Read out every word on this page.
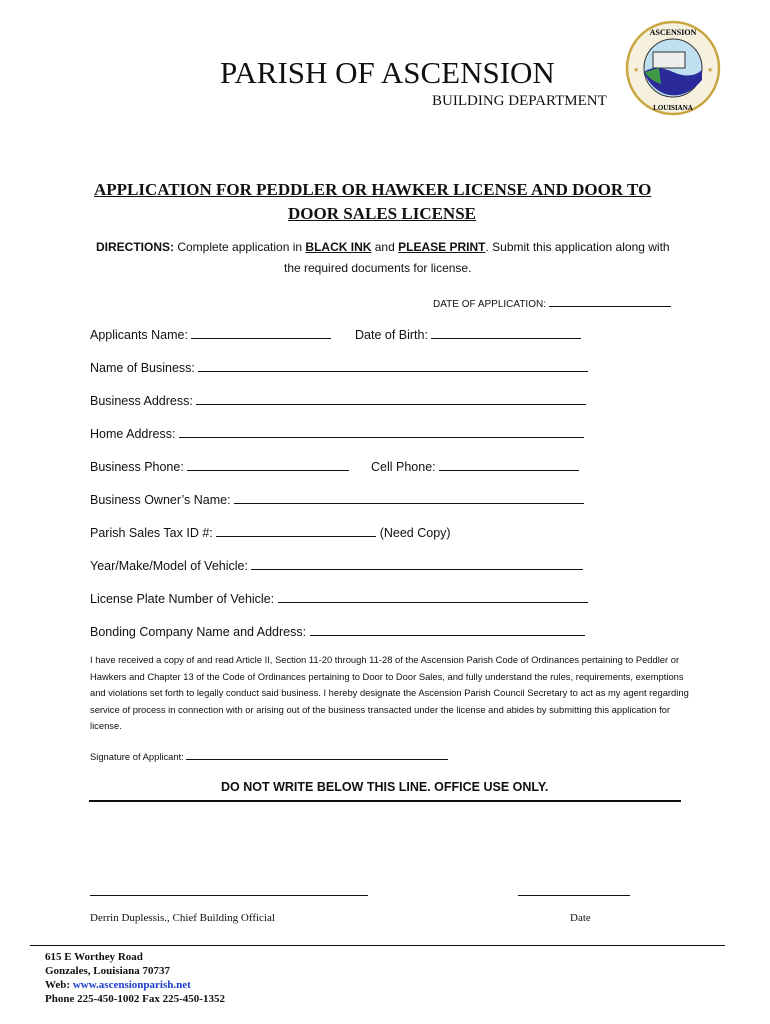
PARISH OF ASCENSION
BUILDING DEPARTMENT
ASCENSION
LOUISIANA
★	★
APPLICATION FOR PEDDLER OR HAWKER LICENSE AND DOOR TO
DOOR SALES LICENSE
DIRECTIONS: Complete application in BLACK INK and PLEASE PRINT. Submit this application along with
the required documents for license.
DATE OF APPLICATION:
Applicants Name:	Date of Birth:
Name of Business:
Business Address:
Home Address:
Business Phone:	Cell Phone:
Business Owner’s Name:
Parish Sales Tax ID #:	(Need Copy)
Year/Make/Model of Vehicle:
License Plate Number of Vehicle:
Bonding Company Name and Address:
I have received a copy of and read Article II, Section 11-20 through 11-28 of the Ascension Parish Code of Ordinances pertaining to Peddler or Hawkers and Chapter 13 of the Code of Ordinances pertaining to Door to Door Sales, and fully understand the rules, requirements, exemptions and violations set forth to legally conduct said business. I hereby designate the Ascension Parish Council Secretary to act as my agent regarding service of process in connection with or arising out of the business transacted under the license and abides by submitting this application for license.
Signature of Applicant:
DO NOT WRITE BELOW THIS LINE. OFFICE USE ONLY.
Derrin Duplessis., Chief Building Official	Date
615 E Worthey Road
Gonzales, Louisiana 70737
Web: www.ascensionparish.net
Phone 225-450-1002 Fax 225-450-1352
